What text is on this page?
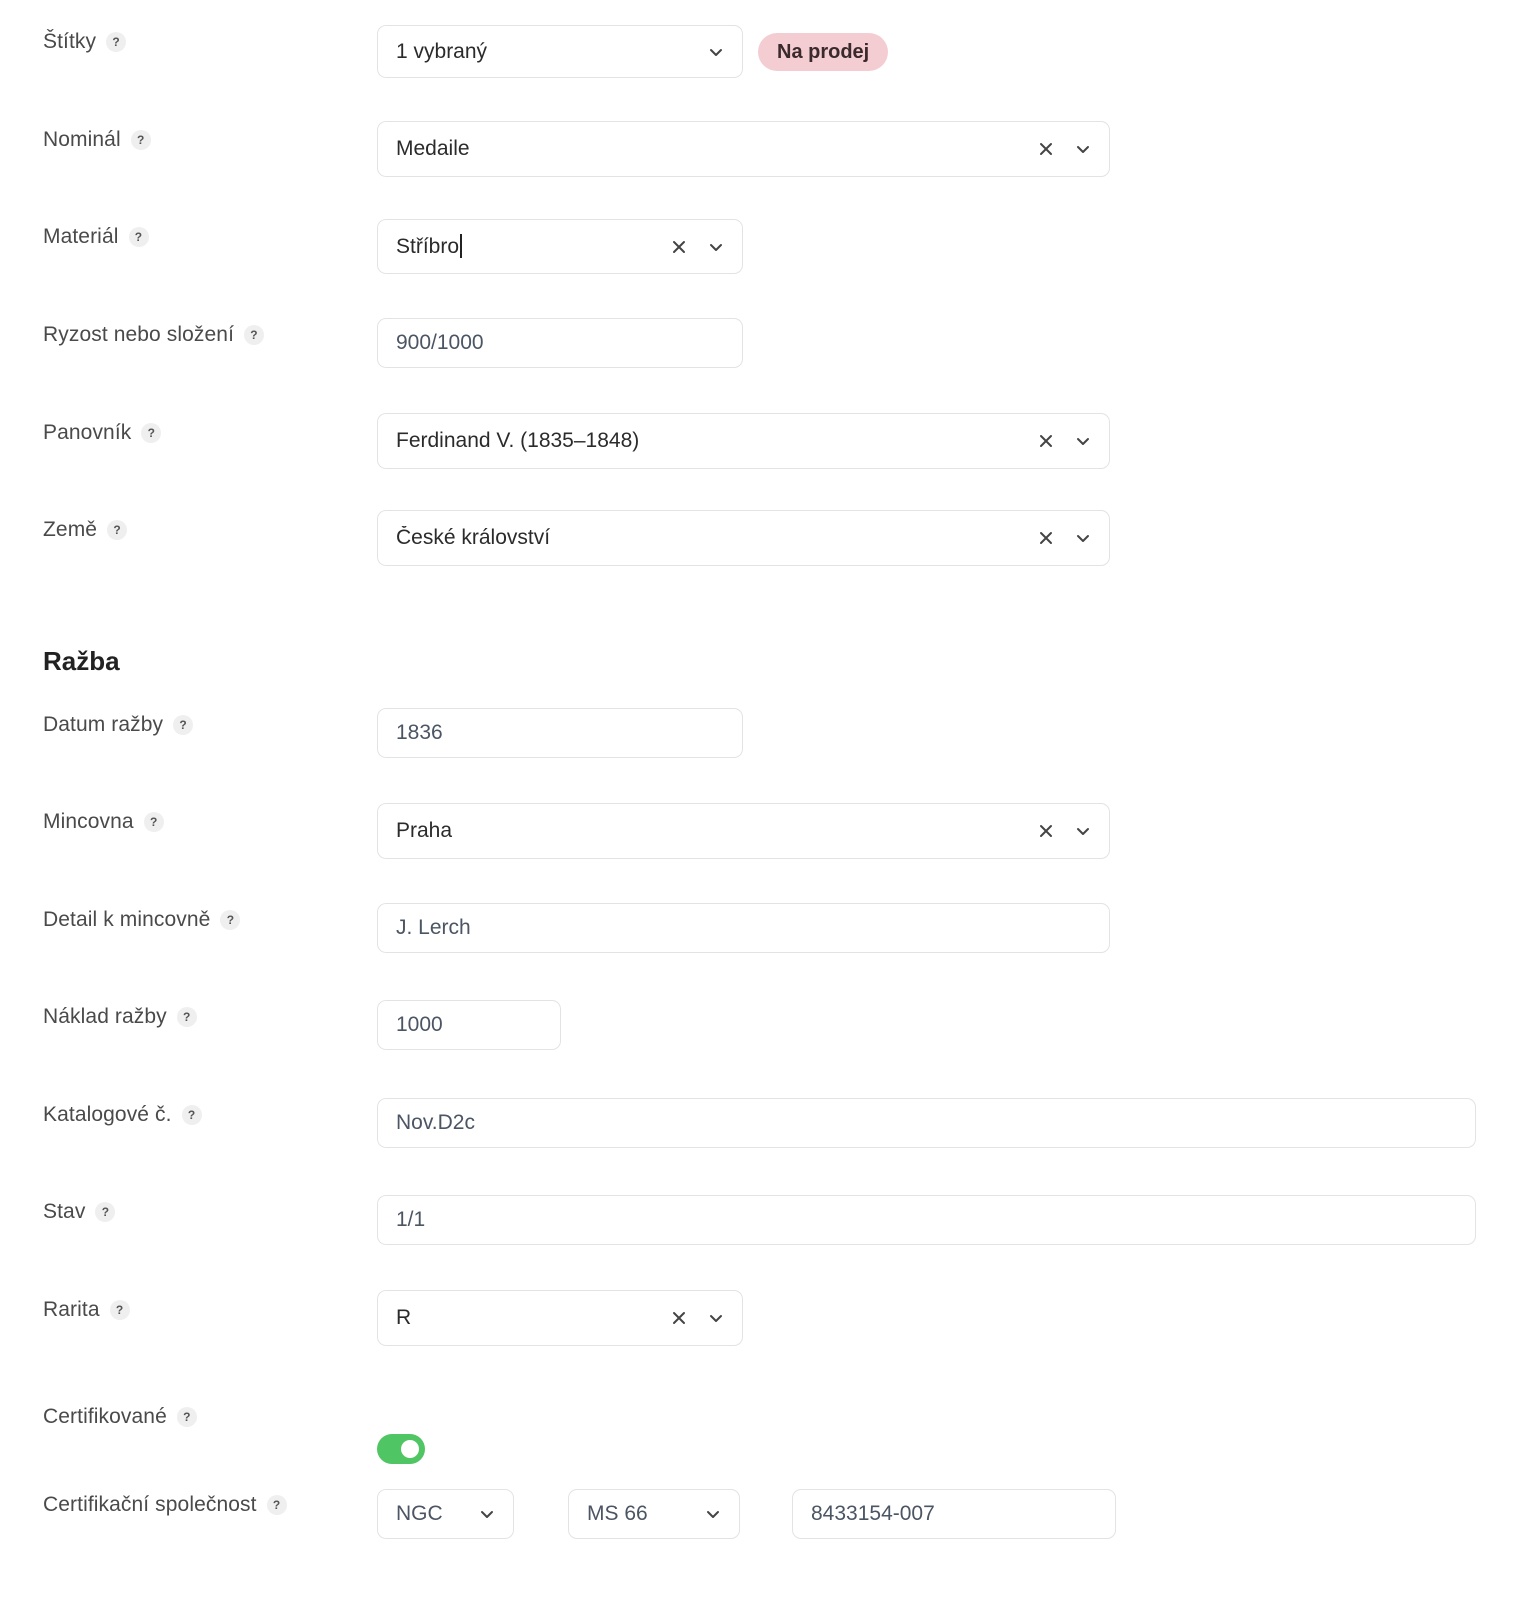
Štítky	?	1 vybraný	Na prodej
Nominál	?	Medaile
Materiál	?	Stříbro
Ryzost nebo složení	?	900/1000
Panovník	?	Ferdinand V. (1835–1848)
Země	?	České království
Ražba
Datum ražby	?	1836
Mincovna	?	Praha
Detail k mincovně	?	J. Lerch
Náklad ražby	?	1000
Katalogové č.	?	Nov.D2c
Stav	?	1/1
Rarita	?	R
Certifikované	?
Certifikační společnost	?	NGC	MS 66	8433154-007
